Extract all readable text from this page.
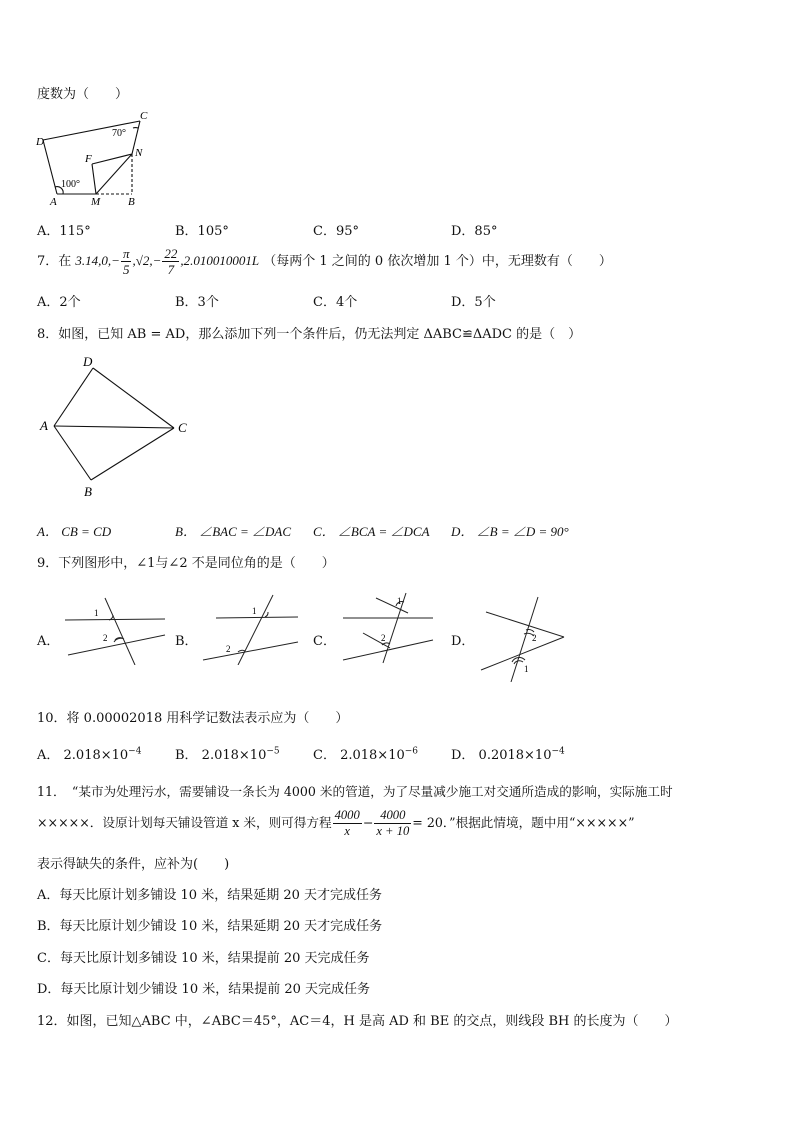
度数为（　　）
D
C
F	N
A	M	B
70°
100°
A．115°	B．105°	C．95°	D．85°
7．在 $3.14,0,- \frac{\pi}{5} ,√2,- \frac{22}{7} ,2.010010001L$ （每两个 1 之间的 0 依次增加 1 个）中，无理数有（　　）
A．2个	B．3个	C．4个	D．5个
8．如图，已知 AB = AD，那么添加下列一个条件后，仍无法判定 ΔABC≌ΔADC 的是（　）
D
A	C
B
A． CB = CD	B． ∠BAC = ∠DAC C． ∠BCA = ∠DCA D． ∠B = ∠D = 90°
9．下列图形中，∠1与∠2 不是同位角的是（　　）
A．
1
2	B．
1
2	C．
1
2	D．	2
1
10．将 0.00002018 用科学记数法表示应为（　　）
A． $2.018\times 10^{-4}$	B． $2.018\times 10^{-5}$	C． $2.018\times 10^{-6}$	D． $0.2018\times 10^{-4}$
11．　“某市为处理污水，需要铺设一条长为 4000 米的管道，为了尽量减少施工对交通所造成的影响，实际施工时
×××××．设原计划每天铺设管道 x 米，则可得方程 $\frac{4000}{x} - \frac{4000}{x + 10} = 20$．”根据此情境，题中用“×××××”
表示得缺失的条件，应补为(　　)
A．每天比原计划多铺设 10 米，结果延期 20 天才完成任务
B．每天比原计划少铺设 10 米，结果延期 20 天才完成任务
C．每天比原计划多铺设 10 米，结果提前 20 天完成任务
D．每天比原计划少铺设 10 米，结果提前 20 天完成任务
12．如图，已知△ABC 中，∠ABC＝45°，AC＝4，H 是高 AD 和 BE 的交点，则线段 BH 的长度为（　　）
